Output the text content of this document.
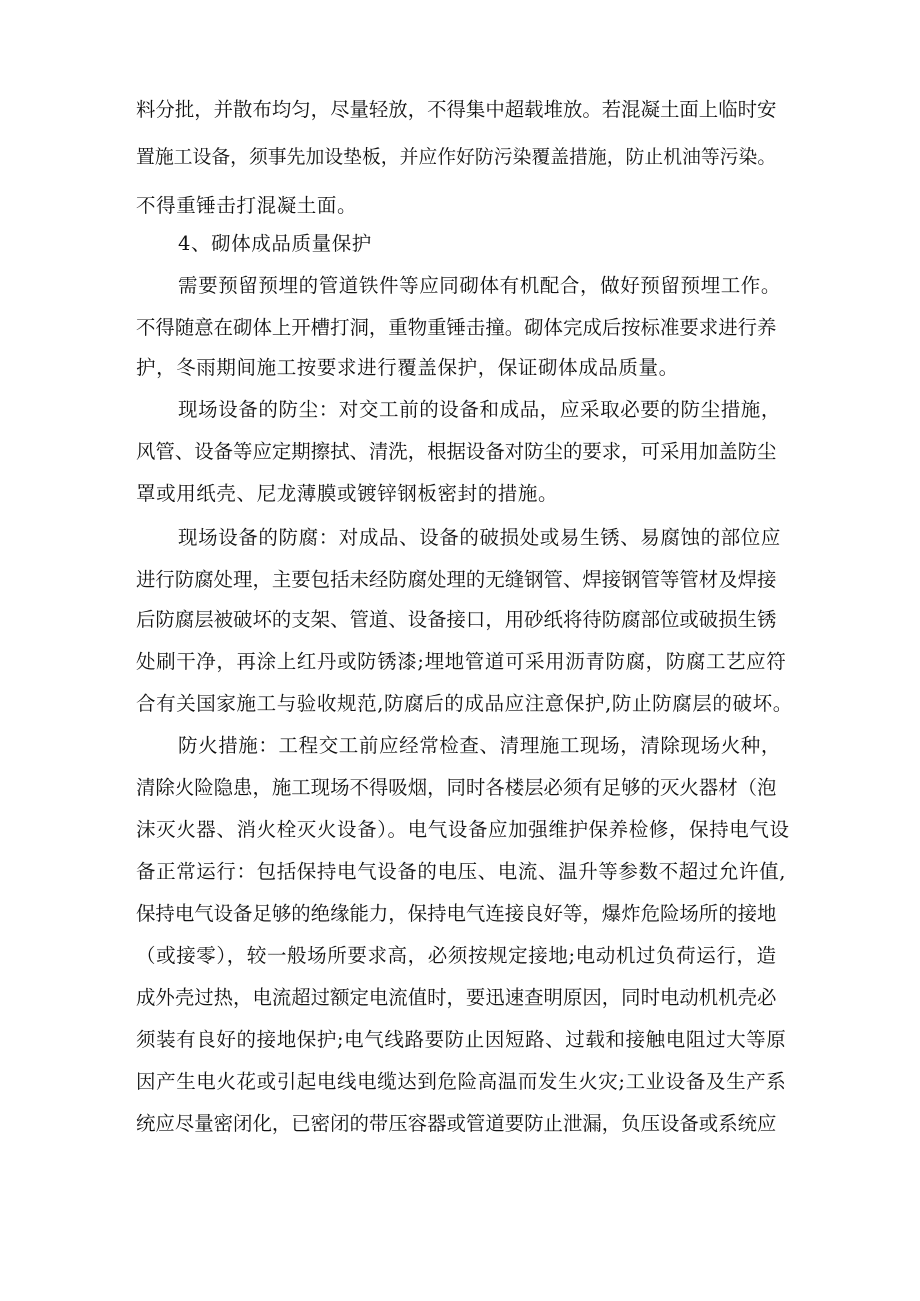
料分批，并散布均匀，尽量轻放，不得集中超载堆放。若混凝土面上临时安
置施工设备，须事先加设垫板，并应作好防污染覆盖措施，防止机油等污染。
不得重锤击打混凝土面。
4、砌体成品质量保护
需要预留预埋的管道铁件等应同砌体有机配合，做好预留预埋工作。
不得随意在砌体上开槽打洞，重物重锤击撞。砌体完成后按标准要求进行养
护，冬雨期间施工按要求进行覆盖保护，保证砌体成品质量。
现场设备的防尘：对交工前的设备和成品，应采取必要的防尘措施，
风管、设备等应定期擦拭、清洗，根据设备对防尘的要求，可采用加盖防尘
罩或用纸壳、尼龙薄膜或镀锌钢板密封的措施。
现场设备的防腐：对成品、设备的破损处或易生锈、易腐蚀的部位应
进行防腐处理，主要包括未经防腐处理的无缝钢管、焊接钢管等管材及焊接
后防腐层被破坏的支架、管道、设备接口，用砂纸将待防腐部位或破损生锈
处刷干净，再涂上红丹或防锈漆;埋地管道可采用沥青防腐，防腐工艺应符
合有关国家施工与验收规范,防腐后的成品应注意保护,防止防腐层的破坏。
防火措施：工程交工前应经常检查、清理施工现场，清除现场火种，
清除火险隐患，施工现场不得吸烟，同时各楼层必须有足够的灭火器材（泡
沫灭火器、消火栓灭火设备）。电气设备应加强维护保养检修，保持电气设
备正常运行：包括保持电气设备的电压、电流、温升等参数不超过允许值,
保持电气设备足够的绝缘能力，保持电气连接良好等，爆炸危险场所的接地
（或接零），较一般场所要求高，必须按规定接地;电动机过负荷运行，造
成外壳过热，电流超过额定电流值时，要迅速查明原因，同时电动机机壳必
须装有良好的接地保护;电气线路要防止因短路、过载和接触电阻过大等原
因产生电火花或引起电线电缆达到危险高温而发生火灾;工业设备及生产系
统应尽量密闭化，已密闭的带压容器或管道要防止泄漏，负压设备或系统应
